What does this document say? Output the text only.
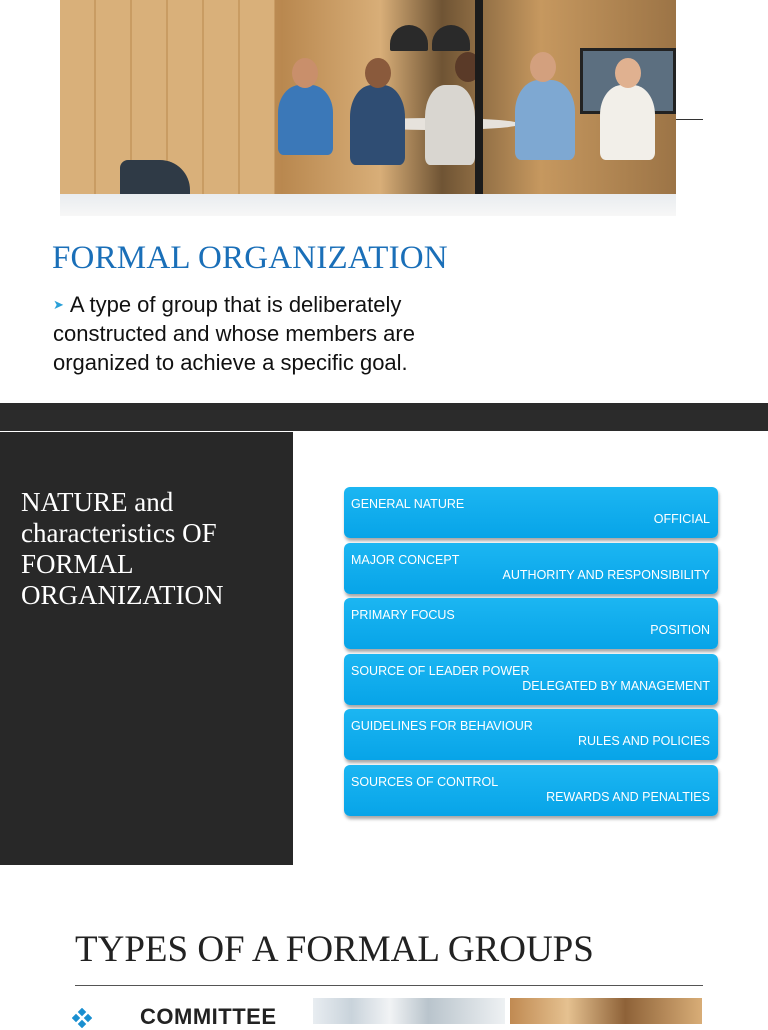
FORMAL ORGANIZATION
➤ A type of group that is deliberately
constructed and whose members are
organized to achieve a specific goal.
NATURE and characteristics OF FORMAL ORGANIZATION
GENERAL NATURE
OFFICIAL
MAJOR CONCEPT
AUTHORITY AND RESPONSIBILITY
PRIMARY FOCUS
POSITION
SOURCE OF LEADER POWER
DELEGATED BY MANAGEMENT
GUIDELINES FOR BEHAVIOUR
RULES AND POLICIES
SOURCES OF CONTROL
REWARDS AND PENALTIES
TYPES OF A FORMAL GROUPS
COMMITTEE
